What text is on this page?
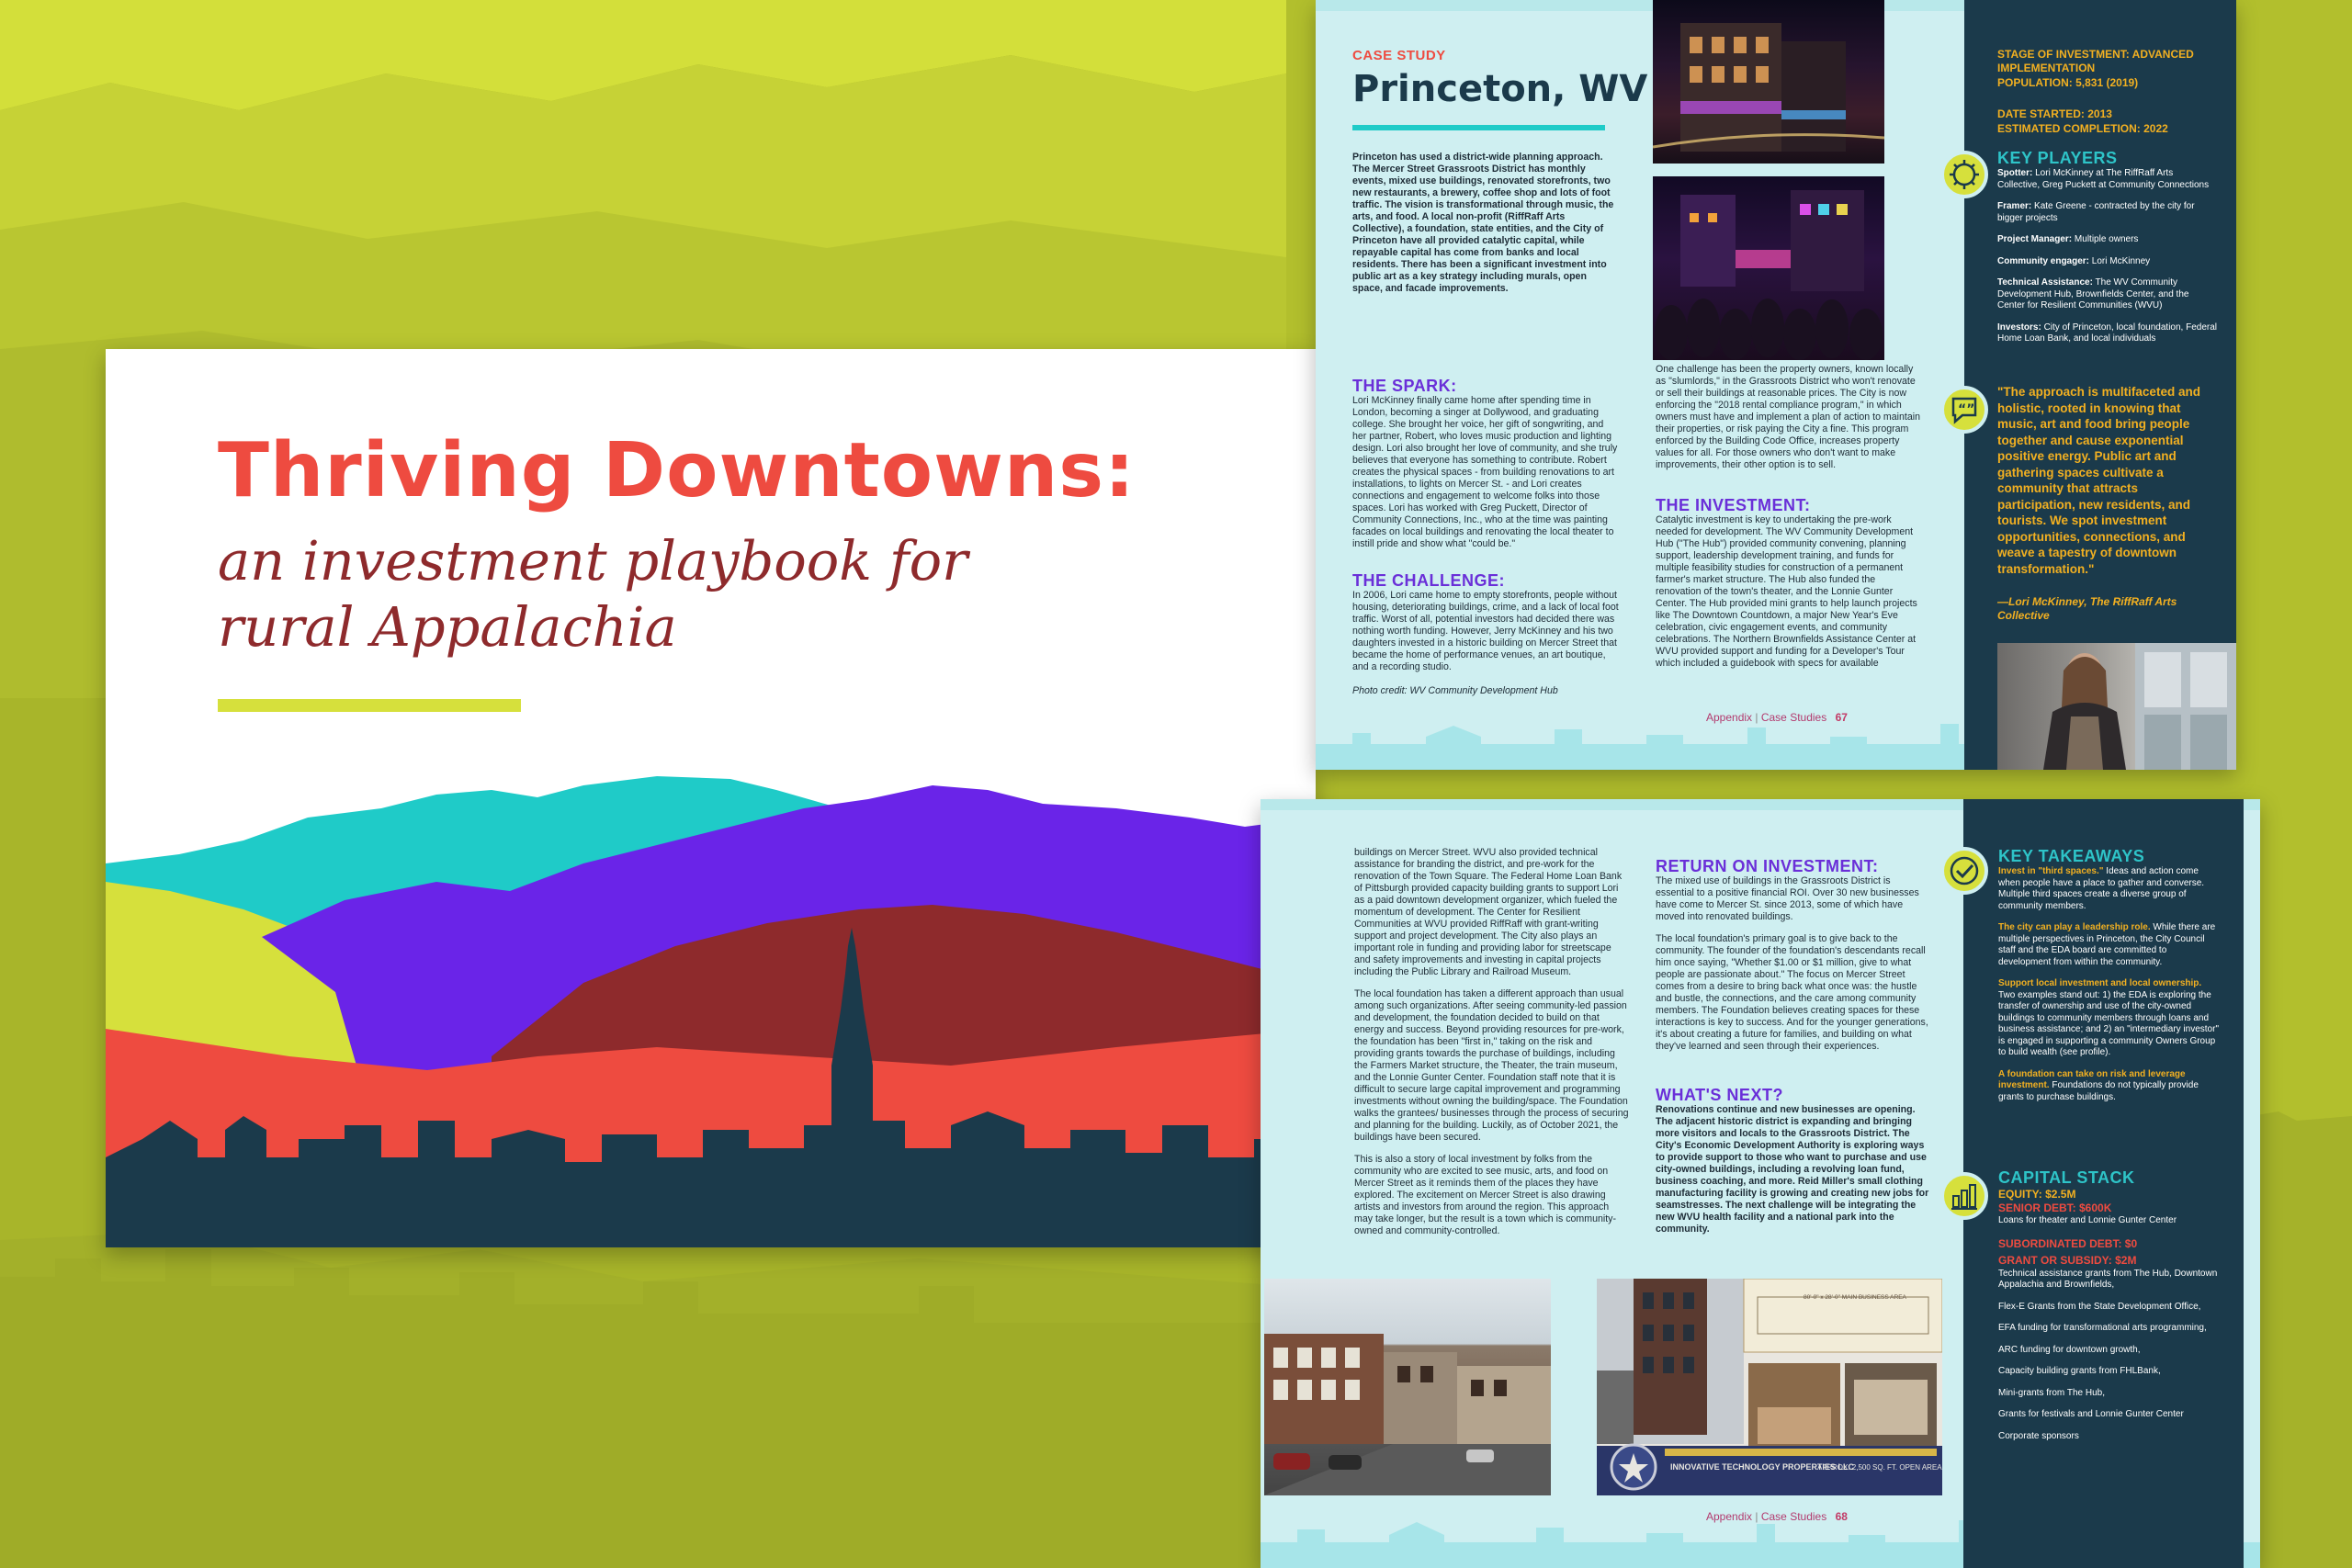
Thriving Downtowns:
an investment playbook for rural Appalachia
CASE STUDY
Princeton, WV
Princeton has used a district-wide planning approach. The Mercer Street Grassroots District has monthly events, mixed use buildings, renovated storefronts, two new restaurants, a brewery, coffee shop and lots of foot traffic. The vision is transformational through music, the arts, and food. A local non-profit (RiffRaff Arts Collective), a foundation, state entities, and the City of Princeton have all provided catalytic capital, while repayable capital has come from banks and local residents. There has been a significant investment into public art as a key strategy including murals, open space, and facade improvements.
THE SPARK:
Lori McKinney finally came home after spending time in London, becoming a singer at Dollywood, and graduating college. She brought her voice, her gift of songwriting, and her partner, Robert, who loves music production and lighting design. Lori also brought her love of community, and she truly believes that everyone has something to contribute. Robert creates the physical spaces - from building renovations to art installations, to lights on Mercer St. - and Lori creates connections and engagement to welcome folks into those spaces. Lori has worked with Greg Puckett, Director of Community Connections, Inc., who at the time was painting facades on local buildings and renovating the local theater to instill pride and show what "could be."
THE CHALLENGE:
In 2006, Lori came home to empty storefronts, people without housing, deteriorating buildings, crime, and a lack of local foot traffic. Worst of all, potential investors had decided there was nothing worth funding. However, Jerry McKinney and his two daughters invested in a historic building on Mercer Street that became the home of performance venues, an art boutique, and a recording studio.
Photo credit: WV Community Development Hub
One challenge has been the property owners, known locally as "slumlords," in the Grassroots District who won't renovate or sell their buildings at reasonable prices. The City is now enforcing the "2018 rental compliance program," in which owners must have and implement a plan of action to maintain their properties, or risk paying the City a fine. This program enforced by the Building Code Office, increases property values for all. For those owners who don't want to make improvements, their other option is to sell.
THE INVESTMENT:
Catalytic investment is key to undertaking the pre-work needed for development. The WV Community Development Hub ("The Hub") provided community convening, planning support, leadership development training, and funds for multiple feasibility studies for construction of a permanent farmer's market structure. The Hub also funded the renovation of the town's theater, and the Lonnie Gunter Center. The Hub provided mini grants to help launch projects like The Downtown Countdown, a major New Year's Eve celebration, civic engagement events, and community celebrations. The Northern Brownfields Assistance Center at WVU provided support and funding for a Developer's Tour which included a guidebook with specs for available
Appendix | Case Studies 67
STAGE OF INVESTMENT: ADVANCED IMPLEMENTATION
POPULATION: 5,831 (2019)
DATE STARTED: 2013
ESTIMATED COMPLETION: 2022
KEY PLAYERS

Spotter: Lori McKinney at The RiffRaff Arts Collective, Greg Puckett at Community Connections

Framer: Kate Greene - contracted by the city for bigger projects

Project Manager: Multiple owners

Community engager: Lori McKinney

Technical Assistance: The WV Community Development Hub, Brownfields Center, and the Center for Resilient Communities (WVU)

Investors: City of Princeton, local foundation, Federal Home Loan Bank, and local individuals

"The approach is multifaceted and holistic, rooted in knowing that music, art and food bring people together and cause exponential positive energy. Public art and gathering spaces cultivate a community that attracts participation, new residents, and tourists. We spot investment opportunities, connections, and weave a tapestry of downtown transformation."
—Lori McKinney, The RiffRaff Arts Collective
“”

buildings on Mercer Street. WVU also provided technical assistance for branding the district, and pre-work for the renovation of the Town Square. The Federal Home Loan Bank of Pittsburgh provided capacity building grants to support Lori as a paid downtown development organizer, which fueled the momentum of development. The Center for Resilient Communities at WVU provided RiffRaff with grant-writing support and project development. The City also plays an important role in funding and providing labor for streetscape and safety improvements and investing in capital projects including the Public Library and Railroad Museum.

The local foundation has taken a different approach than usual among such organizations. After seeing community-led passion and development, the foundation decided to build on that energy and success. Beyond providing resources for pre-work, the foundation has been "first in," taking on the risk and providing grants towards the purchase of buildings, including the Farmers Market structure, the Theater, the train museum, and the Lonnie Gunter Center. Foundation staff note that it is difficult to secure large capital improvement and programming investments without owning the building/space. The Foundation walks the grantees/ businesses through the process of securing and planning for the building. Luckily, as of October 2021, the buildings have been secured.

This is also a story of local investment by folks from the community who are excited to see music, arts, and food on Mercer Street as it reminds them of the places they have explored. The excitement on Mercer Street is also drawing artists and investors from around the region. This approach may take longer, but the result is a town which is community-owned and community-controlled.

RETURN ON INVESTMENT:

The mixed use of buildings in the Grassroots District is essential to a positive financial ROI. Over 30 new businesses have come to Mercer St. since 2013, some of which have moved into renovated buildings.

The local foundation's primary goal is to give back to the community. The founder of the foundation's descendants recall him once saying, "Whether $1.00 or $1 million, give to what people are passionate about." The focus on Mercer Street comes from a desire to bring back what once was: the hustle and bustle, the connections, and the care among community members. The Foundation believes creating spaces for these interactions is key to success. And for the younger generations, it's about creating a future for families, and building on what they've learned and seen through their experiences.

WHAT'S NEXT?
Renovations continue and new businesses are opening. The adjacent historic district is expanding and bringing more visitors and locals to the Grassroots District. The City's Economic Development Authority is exploring ways to provide support to those who want to purchase and use city-owned buildings, including a revolving loan fund, business coaching, and more. Reid Miller's small clothing manufacturing facility is growing and creating new jobs for seamstresses. The next challenge will be integrating the new WVU health facility and a national park into the community.
80'-0" x 28'-0" MAIN BUSINESS AREA
INNOVATIVE TECHNOLOGY PROPERTIES LLC
APPROX. 2,500 SQ. FT. OPEN AREA
Appendix | Case Studies 68
KEY TAKEAWAYS

Invest in "third spaces." Ideas and action come when people have a place to gather and converse. Multiple third spaces create a diverse group of community members.

The city can play a leadership role. While there are multiple perspectives in Princeton, the City Council staff and the EDA board are committed to development from within the community.

Support local investment and local ownership. Two examples stand out: 1) the EDA is exploring the transfer of ownership and use of the city-owned buildings to community members through loans and business assistance; and 2) an "intermediary investor" is engaged in supporting a community Owners Group to build wealth (see profile).

A foundation can take on risk and leverage investment. Foundations do not typically provide grants to purchase buildings.

CAPITAL STACK
EQUITY: $2.5M
SENIOR DEBT: $600K
Loans for theater and Lonnie Gunter Center
SUBORDINATED DEBT: $0
GRANT OR SUBSIDY: $2M

Technical assistance grants from The Hub, Downtown Appalachia and Brownfields,

Flex-E Grants from the State Development Office,

EFA funding for transformational arts programming,

ARC funding for downtown growth,

Capacity building grants from FHLBank,

Mini-grants from The Hub,

Grants for festivals and Lonnie Gunter Center

Corporate sponsors
